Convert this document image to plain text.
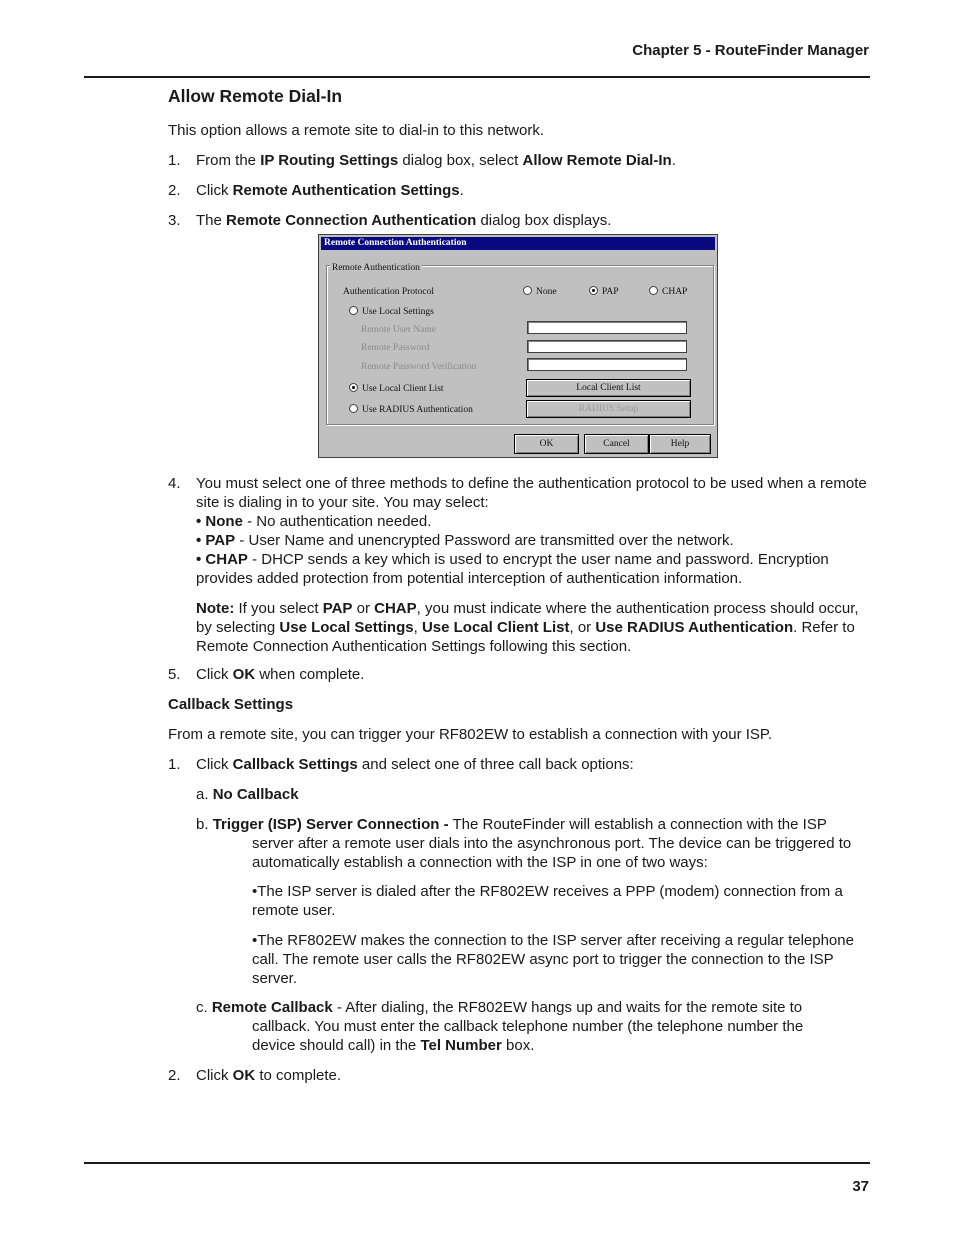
Chapter 5 - RouteFinder Manager
Allow Remote Dial-In
This option allows a remote site to dial-in to this network.
1. From the IP Routing Settings dialog box, select Allow Remote Dial-In.
2. Click Remote Authentication Settings.
3. The Remote Connection Authentication dialog box displays.
Remote Connection Authentication
Remote Authentication
Authentication Protocol	None	PAP	CHAP
Use Local Settings
Remote User Name
Remote Password
Remote Password Verification
Use Local Client List	Local Client List
Use RADIUS Authentication	RADIUS Setup
OK	Cancel	Help
4. You must select one of three methods to define the authentication protocol to be used when a remote site is dialing in to your site. You may select:
• None - No authentication needed.
• PAP - User Name and unencrypted Password are transmitted over the network.
• CHAP - DHCP sends a key which is used to encrypt the user name and password. Encryption provides added protection from potential interception of authentication information.
Note: If you select PAP or CHAP, you must indicate where the authentication process should occur, by selecting Use Local Settings, Use Local Client List, or Use RADIUS Authentication. Refer to Remote Connection Authentication Settings following this section.
5. Click OK when complete.
Callback Settings
From a remote site, you can trigger your RF802EW to establish a connection with your ISP.
1. Click Callback Settings and select one of three call back options:
a. No Callback
b. Trigger (ISP) Server Connection - The RouteFinder will establish a connection with the ISP
server after a remote user dials into the asynchronous port. The device can be triggered to automatically establish a connection with the ISP in one of two ways:
•The ISP server is dialed after the RF802EW receives a PPP (modem) connection from a remote user.
•The RF802EW makes the connection to the ISP server after receiving a regular telephone call. The remote user calls the RF802EW async port to trigger the connection to the ISP server.
c. Remote Callback - After dialing, the RF802EW hangs up and waits for the remote site to
callback. You must enter the callback telephone number (the telephone number the device should call) in the Tel Number box.
2. Click OK to complete.
37
